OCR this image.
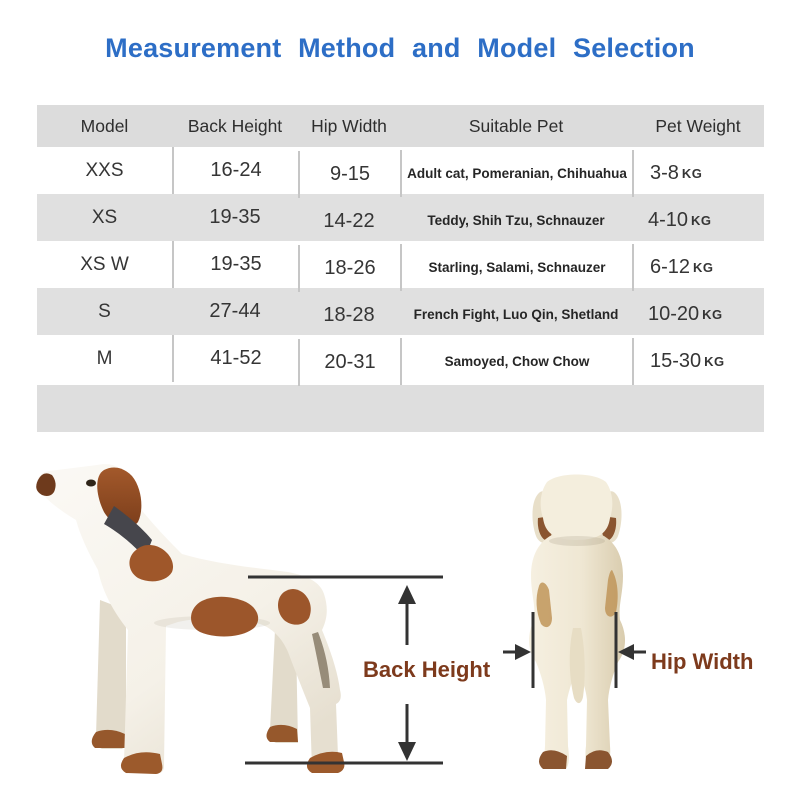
Measurement Method and Model Selection
Model	Back Height	Hip Width	Suitable Pet	Pet Weight
XXS	16-24	9-15	Adult cat, Pomeranian, Chihuahua 3-8 KG
XS	19-35	14-22	Teddy, Shih Tzu, Schnauzer	4-10 KG
XS W	19-35	18-26	Starling, Salami, Schnauzer	6-12 KG
S	27-44	18-28	French Fight, Luo Qin, Shetland	10-20 KG
M	41-52	20-31	Samoyed, Chow Chow	15-30 KG
Back Height	Hip Width
